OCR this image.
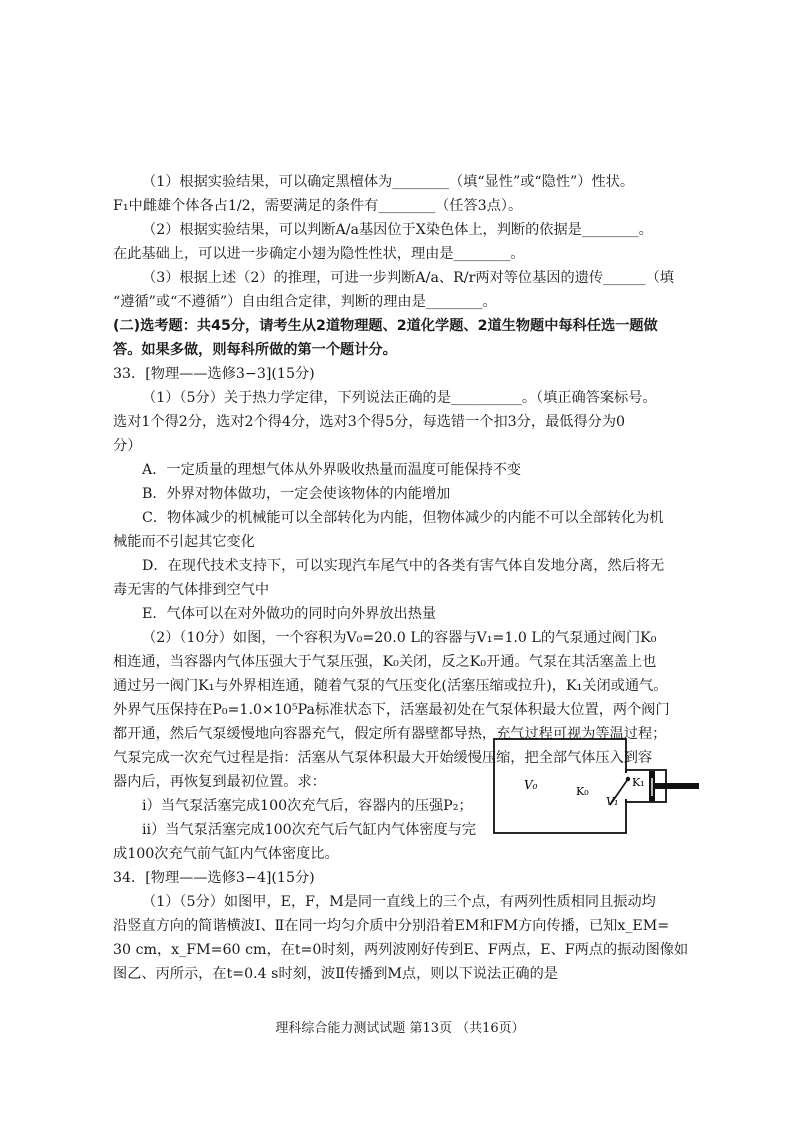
（1）根据实验结果，可以确定黑檀体为________（填“显性”或“隐性”）性状。
F₁中雌雄个体各占1/2，需要满足的条件有________（任答3点）。
（2）根据实验结果，可以判断A/a基因位于X染色体上，判断的依据是________。
在此基础上，可以进一步确定小翅为隐性性状，理由是________。
（3）根据上述（2）的推理，可进一步判断A/a、R/r两对等位基因的遗传______（填
“遵循”或“不遵循”）自由组合定律，判断的理由是________。
(二)选考题：共45分，请考生从2道物理题、2道化学题、2道生物题中每科任选一题做
答。如果多做，则每科所做的第一个题计分。
33．[物理——选修3−3](15分)
（1）（5分）关于热力学定律，下列说法正确的是__________。（填正确答案标号。
选对1个得2分，选对2个得4分，选对3个得5分，每选错一个扣3分，最低得分为0
分）
A．一定质量的理想气体从外界吸收热量而温度可能保持不变
B．外界对物体做功，一定会使该物体的内能增加
C．物体减少的机械能可以全部转化为内能，但物体减少的内能不可以全部转化为机
械能而不引起其它变化
D．在现代技术支持下，可以实现汽车尾气中的各类有害气体自发地分离，然后将无
毒无害的气体排到空气中
E．气体可以在对外做功的同时向外界放出热量
（2）（10分）如图，一个容积为V₀=20.0 L的容器与V₁=1.0 L的气泵通过阀门K₀
相连通，当容器内气体压强大于气泵压强，K₀关闭，反之K₀开通。气泵在其活塞盖上也
通过另一阀门K₁与外界相连通，随着气泵的气压变化(活塞压缩或拉升)，K₁关闭或通气。
外界气压保持在P₀=1.0×10⁵Pa标准状态下，活塞最初处在气泵体积最大位置，两个阀门
都开通，然后气泵缓慢地向容器充气，假定所有器壁都导热，充气过程可视为等温过程；
气泵完成一次充气过程是指：活塞从气泵体积最大开始缓慢压缩，把全部气体压入到容
器内后，再恢复到最初位置。求：
i）当气泵活塞完成100次充气后，容器内的压强P₂；
ii）当气泵活塞完成100次充气后气缸内气体密度与完
成100次充气前气缸内气体密度比。
V₀	K₀
V₁
K₁
34．[物理——选修3−4](15分)
（1）（5分）如图甲，E，F，M是同一直线上的三个点，有两列性质相同且振动均
沿竖直方向的简谐横波Ⅰ、Ⅱ在同一均匀介质中分别沿着EM和FM方向传播，已知x_EM=
30 cm，x_FM=60 cm，在t=0时刻，两列波刚好传到E、F两点，E、F两点的振动图像如
图乙、丙所示，在t=0.4 s时刻，波Ⅱ传播到M点，则以下说法正确的是
理科综合能力测试试题 第13页 （共16页）
